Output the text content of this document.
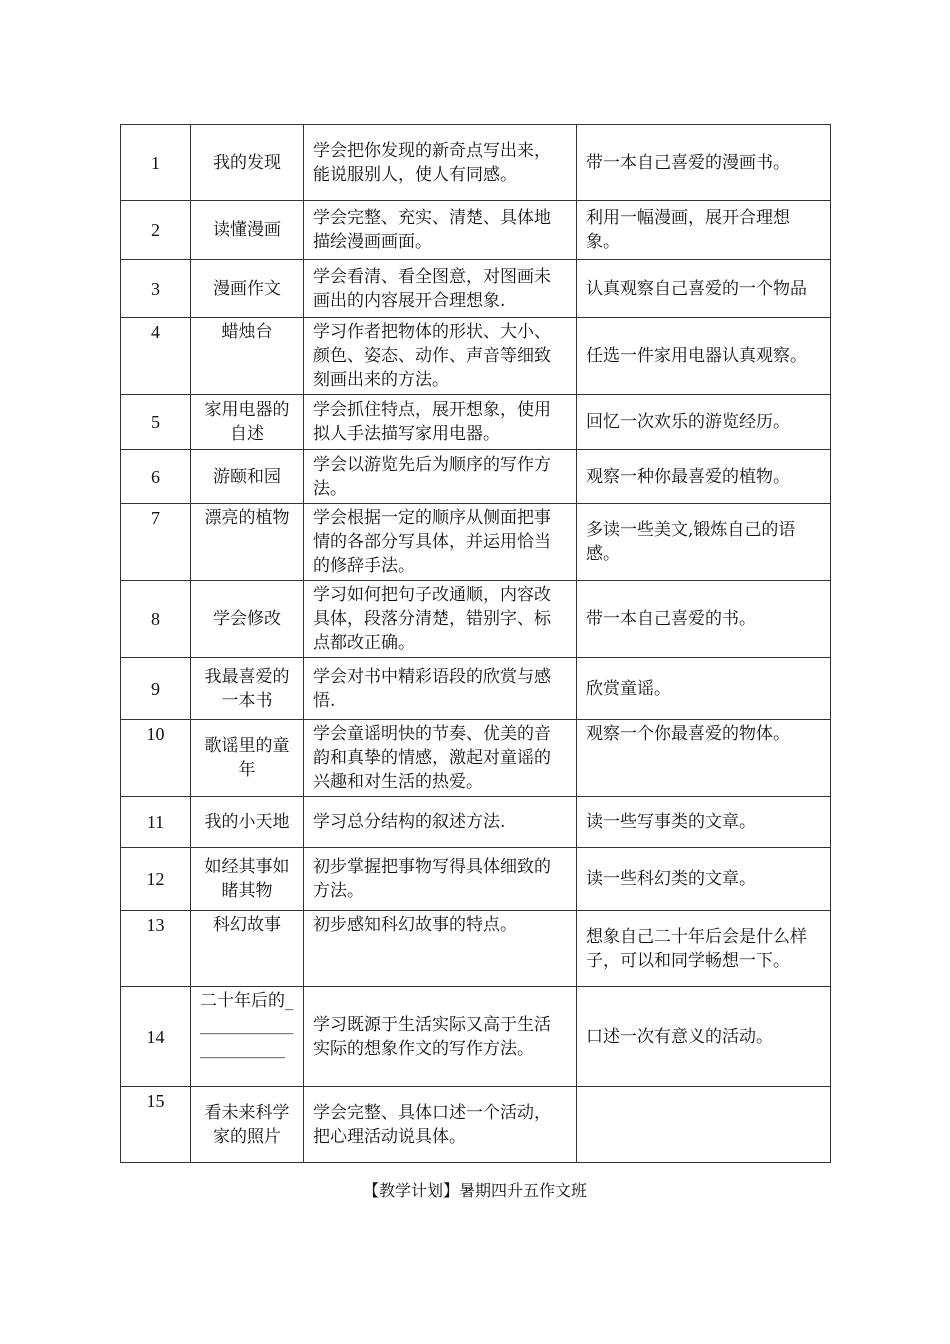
1	我的发现	学会把你发现的新奇点写出来，能说服别人，使人有同感。	带一本自己喜爱的漫画书。
2	读懂漫画	学会完整、充实、清楚、具体地描绘漫画画面。	利用一幅漫画，展开合理想象。
3	漫画作文	学会看清、看全图意，对图画未画出的内容展开合理想象.	认真观察自己喜爱的一个物品
4	蜡烛台	学习作者把物体的形状、大小、颜色、姿态、动作、声音等细致刻画出来的方法。	任选一件家用电器认真观察。
5	家用电器的自述	学会抓住特点，展开想象，使用拟人手法描写家用电器。	回忆一次欢乐的游览经历。
6	游颐和园	学会以游览先后为顺序的写作方法。	观察一种你最喜爱的植物。
7	漂亮的植物	学会根据一定的顺序从侧面把事情的各部分写具体，并运用恰当的修辞手法。	多读一些美文,锻炼自己的语感。
8	学会修改	学习如何把句子改通顺，内容改具体，段落分清楚，错别字、标点都改正确。	带一本自己喜爱的书。
9	我最喜爱的一本书	学会对书中精彩语段的欣赏与感悟.	欣赏童谣。
10	歌谣里的童年	学会童谣明快的节奏、优美的音韵和真挚的情感，激起对童谣的兴趣和对生活的热爱。	观察一个你最喜爱的物体。
11	我的小天地	学习总分结构的叙述方法.	读一些写事类的文章。
12	如经其事如睹其物	初步掌握把事物写得具体细致的方法。	读一些科幻类的文章。
13	科幻故事	初步感知科幻故事的特点。	想象自己二十年后会是什么样子，可以和同学畅想一下。
14	二十年后的______________________	学习既源于生活实际又高于生活实际的想象作文的写作方法。	口述一次有意义的活动。
15	看未来科学家的照片	学会完整、具体口述一个活动，把心理活动说具体。	
【教学计划】暑期四升五作文班
